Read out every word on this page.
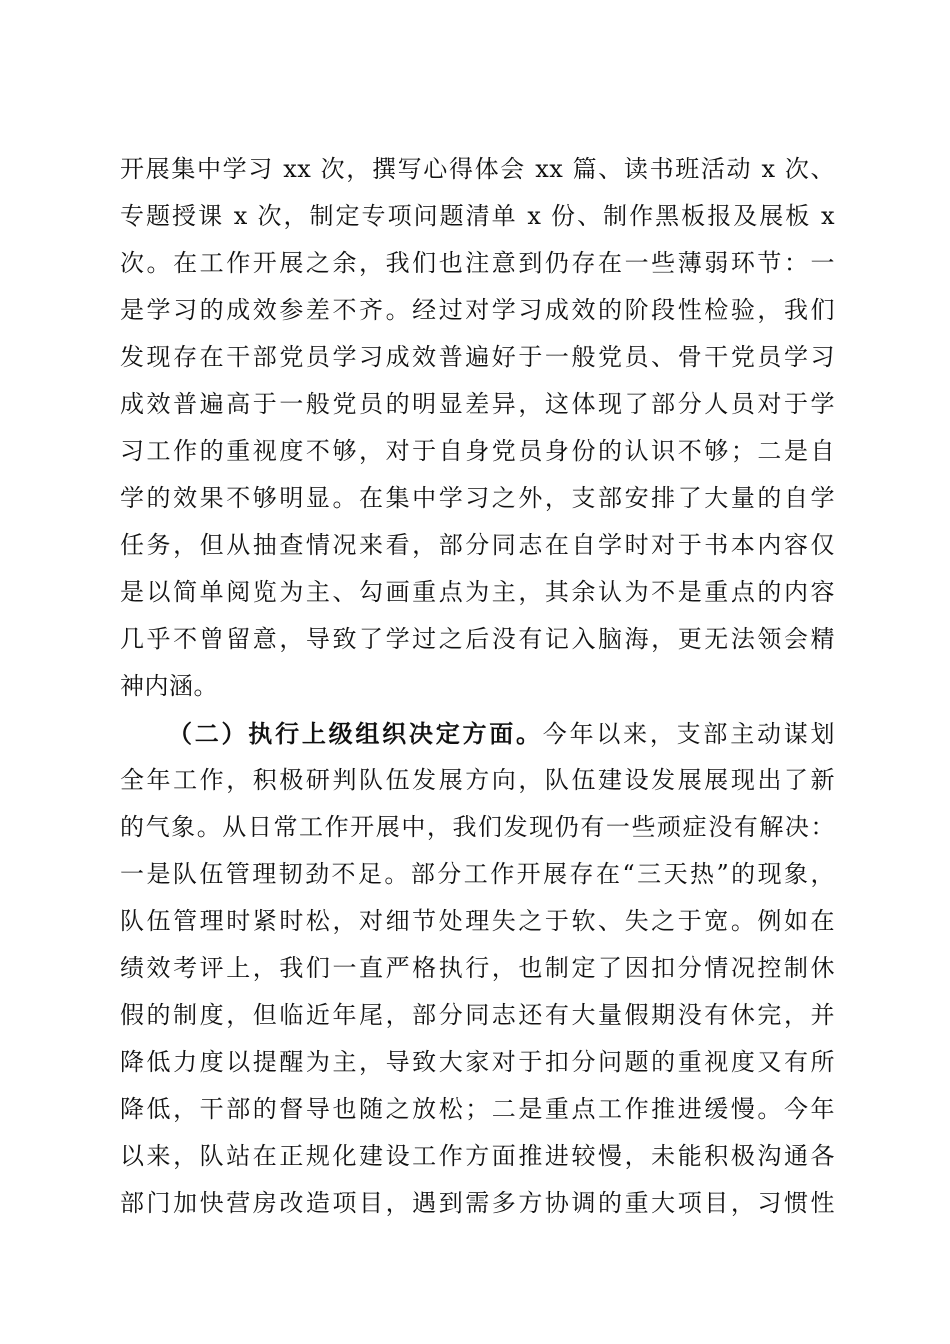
开展集中学习 xx 次，撰写心得体会 xx 篇、读书班活动 x 次、
专题授课 x 次，制定专项问题清单 x 份、制作黑板报及展板 x
次。在工作开展之余，我们也注意到仍存在一些薄弱环节：一
是学习的成效参差不齐。经过对学习成效的阶段性检验，我们
发现存在干部党员学习成效普遍好于一般党员、骨干党员学习
成效普遍高于一般党员的明显差异，这体现了部分人员对于学
习工作的重视度不够，对于自身党员身份的认识不够；二是自
学的效果不够明显。在集中学习之外，支部安排了大量的自学
任务，但从抽查情况来看，部分同志在自学时对于书本内容仅
是以简单阅览为主、勾画重点为主，其余认为不是重点的内容
几乎不曾留意，导致了学过之后没有记入脑海，更无法领会精
神内涵。
（二）执行上级组织决定方面。今年以来，支部主动谋划
全年工作，积极研判队伍发展方向，队伍建设发展展现出了新
的气象。从日常工作开展中，我们发现仍有一些顽症没有解决：
一是队伍管理韧劲不足。部分工作开展存在“三天热”的现象，
队伍管理时紧时松，对细节处理失之于软、失之于宽。例如在
绩效考评上，我们一直严格执行，也制定了因扣分情况控制休
假的制度，但临近年尾，部分同志还有大量假期没有休完，并
降低力度以提醒为主，导致大家对于扣分问题的重视度又有所
降低，干部的督导也随之放松；二是重点工作推进缓慢。今年
以来，队站在正规化建设工作方面推进较慢，未能积极沟通各
部门加快营房改造项目，遇到需多方协调的重大项目，习惯性
